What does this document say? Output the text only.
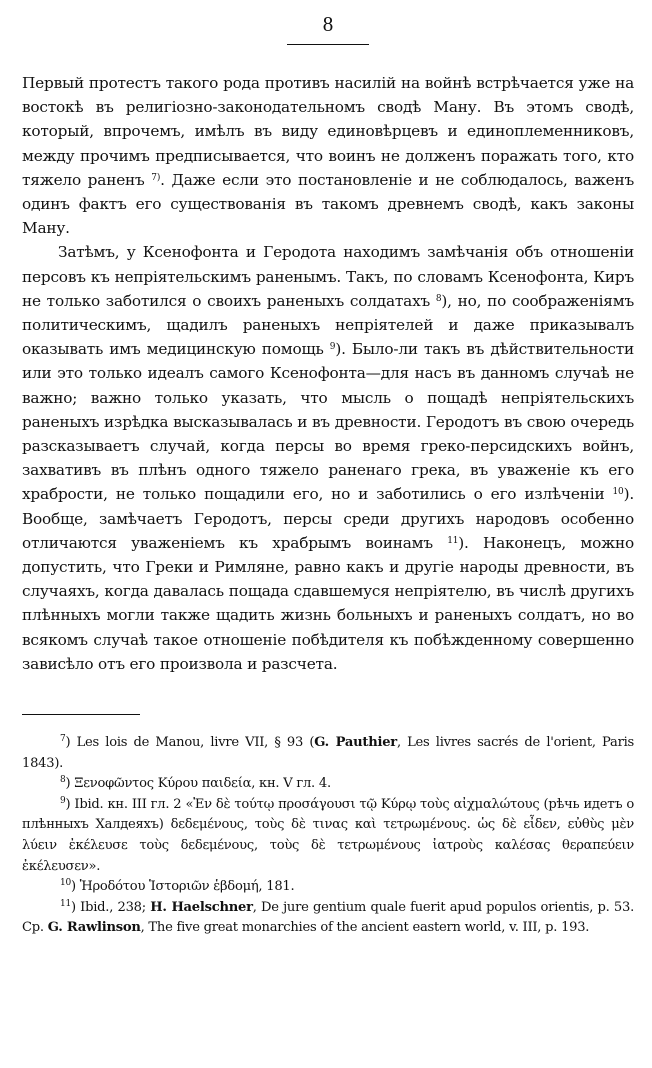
8

Первый протестъ такого рода противъ насилій на войнѣ встрѣчается уже на востокѣ въ религіозно-законодательномъ сводѣ Ману. Въ этомъ сводѣ, который, впрочемъ, имѣлъ въ виду единовѣрцевъ и единоплеменниковъ, между прочимъ предписывается, что воинъ не долженъ поражать того, кто тяжело раненъ $^{7)}$. Даже если это постановленіе и не соблюдалось, важенъ одинъ фактъ его существованія въ такомъ древнемъ сводѣ, какъ законы Ману.

Затѣмъ, у Ксенофонта и Геродота находимъ замѣчанія объ отношеніи персовъ къ непріятельскимъ раненымъ. Такъ, по словамъ Ксенофонта, Киръ не только заботился о своихъ раненыхъ солдатахъ $^8$), но, по соображеніямъ политическимъ, щадилъ раненыхъ непріятелей и даже приказывалъ оказывать имъ медицинскую помощь $^9$). Было-ли такъ въ дѣйствительности или это только идеалъ самого Ксенофонта—для насъ въ данномъ случаѣ не важно; важно только указать, что мысль о пощадѣ непріятельскихъ раненыхъ изрѣдка высказывалась и въ древности. Геродотъ въ свою очередь разсказываетъ случай, когда персы во время греко-персидскихъ войнъ, захвативъ въ плѣнъ одного тяжело раненаго грека, въ уваженіе къ его храбрости, не только пощадили его, но и заботились о его излѣченіи $^{10}$). Вообще, замѣчаетъ Геродотъ, персы среди другихъ народовъ особенно отличаются уваженіемъ къ храбрымъ воинамъ $^{11}$). Наконецъ, можно допустить, что Греки и Римляне, равно какъ и другіе народы древности, въ случаяхъ, когда давалась пощада сдавшемуся непріятелю, въ числѣ другихъ плѣнныхъ могли также щадить жизнь больныхъ и раненыхъ солдатъ, но во всякомъ случаѣ такое отношеніе побѣдителя къ побѣжденному совершенно зависѣло отъ его произвола и разсчета.

$^7$) Les lois de Manou, livre VII, § 93 (G. Pauthier, Les livres sacrés de l'orient, Paris 1843).

$^8$) Ξενοφῶντος Κύρου παιδεία, кн. V гл. 4.

$^9$) Ibid. кн. III гл. 2 «Ἐν δὲ τούτῳ προσάγουσι τῷ Κύρῳ τοὺς αἰχμαλώτους (рѣчь идетъ о плѣнныхъ Халдеяхъ) δεδεμένους, τοὺς δὲ τινας καὶ τετρωμένους. ὡς δὲ εἶδεν, εὐθὺς μὲν λύειν ἐκέλευσε τοὺς δεδεμένους, τοὺς δὲ τετρωμένους ἰατροὺς καλέσας θεραπεύειν ἐκέλευσεν».

$^{10}$) Ἡροδότου Ἱστοριῶν ἑβδομή, 181.

$^{11}$) Ibid., 238; H. Haelschner, De jure gentium quale fuerit apud populos orientis, p. 53. Ср. G. Rawlinson, The five great monarchies of the ancient eastern world, v. III, p. 193.
